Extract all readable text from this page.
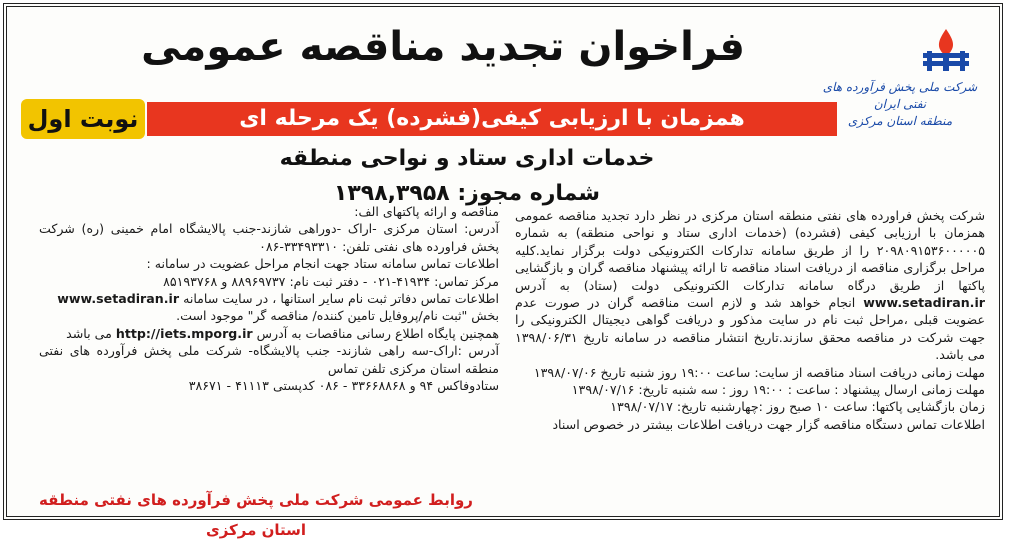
شرکت ملی پخش فرآورده های نفتی ایران
منطقه استان مرکزی
فراخوان تجدید مناقصه عمومی
همزمان با ارزیابی کیفی(فشرده) یک مرحله ای
نوبت اول
خدمات اداری ستاد و نواحی منطقه
شماره مجوز: ۱۳۹۸,۳۹۵۸

شرکت پخش فراورده های نفتی منطقه استان مرکزی در نظر دارد تجدید مناقصه عمومی همزمان با ارزیابی کیفی (فشرده) (خدمات اداری ستاد و نواحی منطقه) به شماره ۲۰۹۸۰۹۱۵۳۶۰۰۰۰۰۵ را از طریق سامانه تدارکات الکترونیکی دولت برگزار نماید.کلیه مراحل برگزاری مناقصه از دریافت اسناد مناقصه تا ارائه پیشنهاد مناقصه گران و بازگشایی پاکتها از طریق درگاه سامانه تدارکات الکترونیکی دولت (ستاد) به آدرس www.setadiran.ir انجام خواهد شد و لازم است مناقصه گران در صورت عدم عضویت قبلی ،مراحل ثبت نام در سایت مذکور و دریافت گواهی دیجیتال الکترونیکی را جهت شرکت در مناقصه محقق سازند.تاریخ انتشار مناقصه در سامانه تاریخ ۱۳۹۸/۰۶/۳۱ می باشد.

مهلت زمانی دریافت اسناد مناقصه از سایت: ساعت ۱۹:۰۰ روز شنبه تاریخ ۱۳۹۸/۰۷/۰۶

مهلت زمانی ارسال پیشنهاد : ساعت : ۱۹:۰۰ روز : سه شنبه تاریخ: ۱۳۹۸/۰۷/۱۶

زمان بازگشایی پاکتها: ساعت ۱۰ صبح روز :چهارشنبه تاریخ: ۱۳۹۸/۰۷/۱۷

اطلاعات تماس دستگاه مناقصه گزار جهت دریافت اطلاعات بیشتر در خصوص اسناد

مناقصه و ارائه پاکتهای الف:

آدرس: استان مرکزی -اراک -دوراهی شازند-جنب پالایشگاه امام خمینی (ره) شرکت پخش فراورده های نفتی تلفن: ۳۳۴۹۳۳۱۰-۰۸۶

اطلاعات تماس سامانه ستاد جهت انجام مراحل عضویت در سامانه :

مرکز تماس: ۴۱۹۳۴-۰۲۱ - دفتر ثبت نام: ۸۸۹۶۹۷۳۷ و ۸۵۱۹۳۷۶۸

اطلاعات تماس دفاتر ثبت نام سایر استانها ، در سایت سامانه www.setadiran.ir

بخش "ثبت نام/پروفایل تامین کننده/ مناقصه گر" موجود است.

همچنین پایگاه اطلاع رسانی مناقصات به آدرس http://iets.mporg.ir می باشد

آدرس :اراک-سه راهی شازند- جنب پالایشگاه- شرکت ملی پخش فرآورده های نفتی منطقه استان مرکزی تلفن تماس

ستادوفاکس ۹۴ و ۳۳۶۶۸۸۶۸ - ۰۸۶ کدپستی ۴۱۱۱۳ - ۳۸۶۷۱

روابط عمومی شرکت ملی پخش فرآورده های نفتی منطقه استان مرکزی
